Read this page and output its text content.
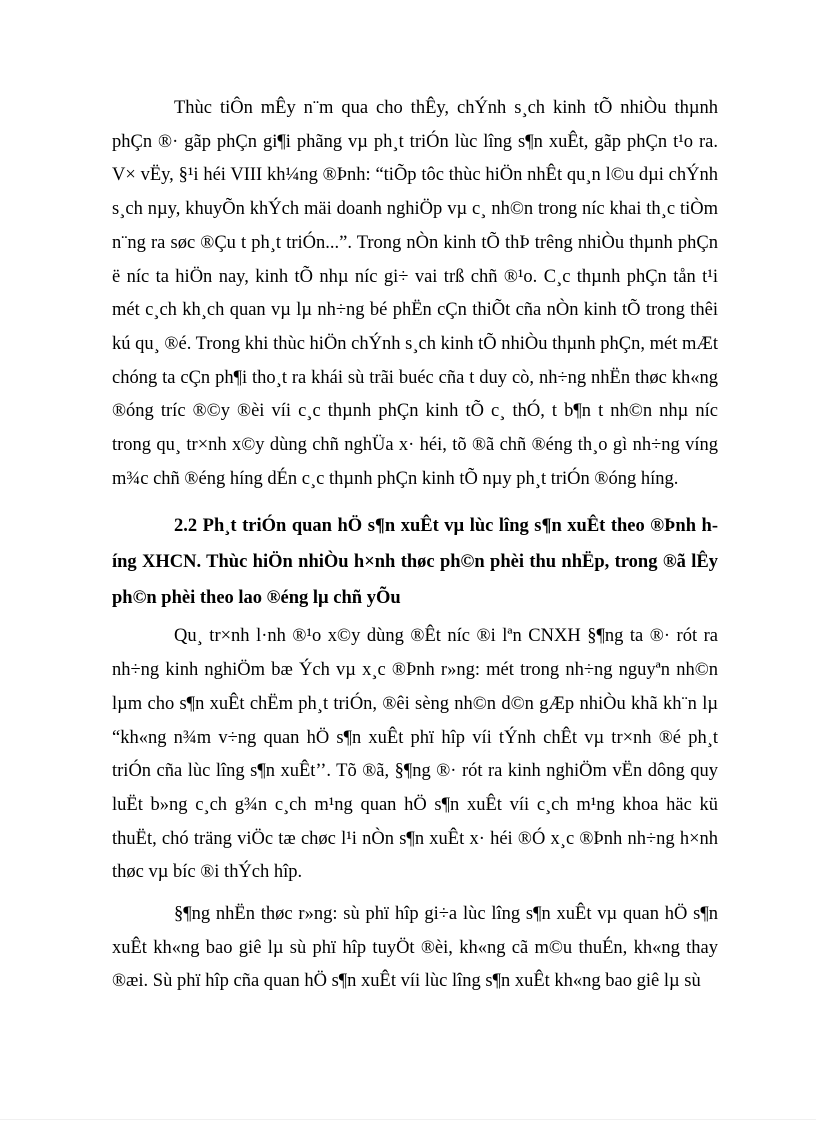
Thùc tiÔn mÊy n¨m qua cho thÊy, chÝnh s¸ch kinh tÕ nhiÒu thµnh phÇn ®· gãp phÇn gi¶i phãng vµ ph¸t triÓn lùc lîng s¶n xuÊt, gãp phÇn t¹o ra. V× vËy, §¹i héi VIII kh¼ng ®Þnh: “tiÕp tôc thùc hiÖn nhÊt qu¸n l©u dµi chÝnh s¸ch nµy, khuyÕn khÝch mäi doanh nghiÖp vµ c¸ nh©n trong níc khai th¸c tiÒm n¨ng ra søc ®Çu t ph¸t triÓn...”. Trong nÒn kinh tÕ thÞ trêng nhiÒu thµnh phÇn ë níc ta hiÖn nay, kinh tÕ nhµ níc gi÷ vai trß chñ ®¹o. C¸c thµnh phÇn tån t¹i mét c¸ch kh¸ch quan vµ lµ nh÷ng bé phËn cÇn thiÕt cña nÒn kinh tÕ trong thêi kú qu¸ ®é. Trong khi thùc hiÖn chÝnh s¸ch kinh tÕ nhiÒu thµnh phÇn, mét mÆt chóng ta cÇn ph¶i tho¸t ra khái sù trãi buéc cña t duy cò, nh÷ng nhËn thøc kh«ng ®óng tríc ®©y ®èi víi c¸c thµnh phÇn kinh tÕ c¸ thÓ, t b¶n t nh©n nhµ níc trong qu¸ tr×nh x©y dùng chñ nghÜa x· héi, tõ ®ã chñ ®éng th¸o gì nh÷ng víng m¾c chñ ®éng híng dÉn c¸c thµnh phÇn kinh tÕ nµy ph¸t triÓn ®óng híng.

2.2 Ph¸t triÓn quan hÖ s¶n xuÊt vµ lùc lîng s¶n xuÊt theo ®Þnh híng XHCN. Thùc hiÖn nhiÒu h×nh thøc ph©n phèi thu nhËp, trong ®ã lÊy ph©n phèi theo lao ®éng lµ chñ yÕu

Qu¸ tr×nh l·nh ®¹o x©y dùng ®Êt níc ®i lªn CNXH §¶ng ta ®· rót ra nh÷ng kinh nghiÖm bæ Ých vµ x¸c ®Þnh r»ng: mét trong nh÷ng nguyªn nh©n lµm cho s¶n xuÊt chËm ph¸t triÓn, ®êi sèng nh©n d©n gÆp nhiÒu khã kh¨n lµ “kh«ng n¾m v÷ng quan hÖ s¶n xuÊt phï hîp víi tÝnh chÊt vµ tr×nh ®é ph¸t triÓn cña lùc lîng s¶n xuÊt’’. Tõ ®ã, §¶ng ®· rót ra kinh nghiÖm vËn dông quy luËt b»ng c¸ch g¾n c¸ch m¹ng quan hÖ s¶n xuÊt víi c¸ch m¹ng khoa häc kü thuËt, chó träng viÖc tæ chøc l¹i nÒn s¶n xuÊt x· héi ®Ó x¸c ®Þnh nh÷ng h×nh thøc vµ bíc ®i thÝch hîp.

§¶ng nhËn thøc r»ng: sù phï hîp gi÷a lùc lîng s¶n xuÊt vµ quan hÖ s¶n xuÊt kh«ng bao giê lµ sù phï hîp tuyÖt ®èi, kh«ng cã m©u thuÉn, kh«ng thay ®æi. Sù phï hîp cña quan hÖ s¶n xuÊt víi lùc lîng s¶n xuÊt kh«ng bao giê lµ sù
